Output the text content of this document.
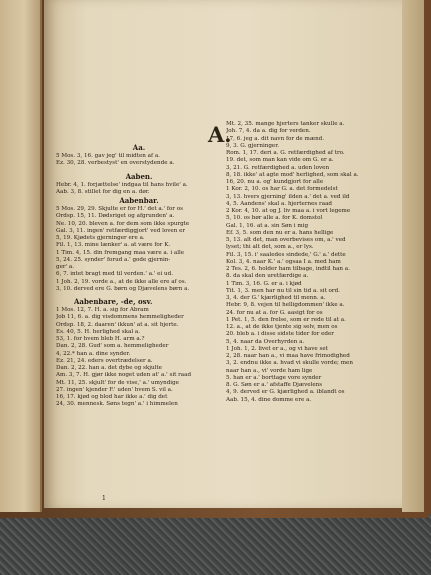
A.
Aa.
5 Mos. 3, 16. gav jeg' til midten af a.
Ez. 30, 28. verbestyst' en overstydende a.
Aaben.
Hebr. 4, 1. forjættelse' indgaa til hans hvile' a.
Aab. 3, 8. stillet for dig en a. dør.
Aabenbar.
5 Mos. 29, 29. Skjulte er for H.' det a.' for os
Ordsp. 15, 11. Dødsriget og afgrunden' a.
Ne. 10, 20. bleven a. for dem som ikke spurgte
Gal. 3, 11. ingen' retfærdiggjort' ved loven er
5, 19. Kjødets gjerninger ere a.
Fil. 1, 13. mine lænker' a. at være for K.
1 Tim. 4, 15. din fremgang maa være a. i alle
5, 24. 25. synder' forud a.' gode gjernin-
ger' a.
6, 7. intet bragt med til verden.' a.' ei ud.
1 Joh. 2, 19. vorde a., at de ikke alle ere af os.
3, 10. derved ere G. børn og Djævelens børn a.
Aabenbare, -de, osv.
1 Mos. 12, 7. H. a. sig for Abram
Job 11, 6. a. dig visdommens hemmeligheder
Ordsp. 18, 2. daaren' ikkun' at a. sit hjerte.
Es. 40, 5. H. herlighed skal a.
53, 1. for hvem bleb H. arm a.?
Dan. 2, 28. Gud' som a. hemmeligheder
4, 22.* han a. dine synder.
Ez. 21, 24. eders overtrædelser a.
Dan. 2, 22. han a. det dybe og skjulte
Am. 3, 7. H. gjør ikke noget uden at' a.' sit raad
Mt. 11, 25. skjult' for de vise,' a.' umyndige
27. ingen' kjender F.' uden' hvem S. vil a.
16, 17. kjød og blod har ikke a.' dig det
24, 30. mennesk. Søns tegn' a.' i himmelen
Mt. 2, 35. mange hjerters tanker skulle a.
Joh. 7, 4. da a. dig for verden.
17, 6. jeg a. dit navn for de mænd.
9, 3. G. gjerninger.
Rom. 1, 17. deri a. G. retfærdighed af tro.
19. det, som man kan vide om G. er a.
3, 21. G. retfærdighed a. uden loven
8, 18. ikke' at agte mod' herlighed, som skal a.
16, 20. nu a. og' kundgjort for alle
1 Kor. 2, 10. os har G. a. det formedelst
3, 13. hvers gjerning' ilden a.' det a. ved ild
4, 5. Aandens' skal a. hjerternes raad
2 Kor. 4, 10. at og J. liv maa a. i vort legeme
5, 10. os bør alle a. for K. domstol
Gal. 1, 16. at a. sin Søn i mig
Ef. 3, 5. som den nu er a. hans hellige
5, 13. alt det, man overbevises om, a.' ved
lyset; thi alt det, som a., er lys.
Fil. 3, 15. i' saaledes sindede,' G.' a.' dette
Kol. 3, 4. naar K.' a.' ogsaa I a. med ham
2 Tes. 2, 6. holder ham tilbage, indtil han a.
8. da skal den uretfærdige a.
1 Tim. 3, 16. G. er a. i kjød
Tit. 1, 3. men har nu til sin tid a. sit ord.
3, 4. der G.' kjærlighed til menn. a.
Hebr. 9, 8. vejen til helligdommen' ikke a.
24. for nu at a. for G. aasigt for os
1 Pet. 1, 5. den frelse, som er rede til at a.
12. a., at de ikke tjente sig selv, men os
20. bleb a. i disse sidste tider for eder
5, 4. naar da Overhyrden a.
1 Joh. 1, 2. livet er a., og vi have set
2, 28. naar han a., vi maa have frimodighed
3, 2. endnu ikke a. hvad vi skulle vorde; men
naar han a., vi' vorde ham lige
5. han er a.' borttage vore synder
8. G. Søn er a.' afstaffe Djævelens
4, 9. derved er G. kjærlighed a. iblandt os
Aab. 15, 4. dine domme ere a.
1
